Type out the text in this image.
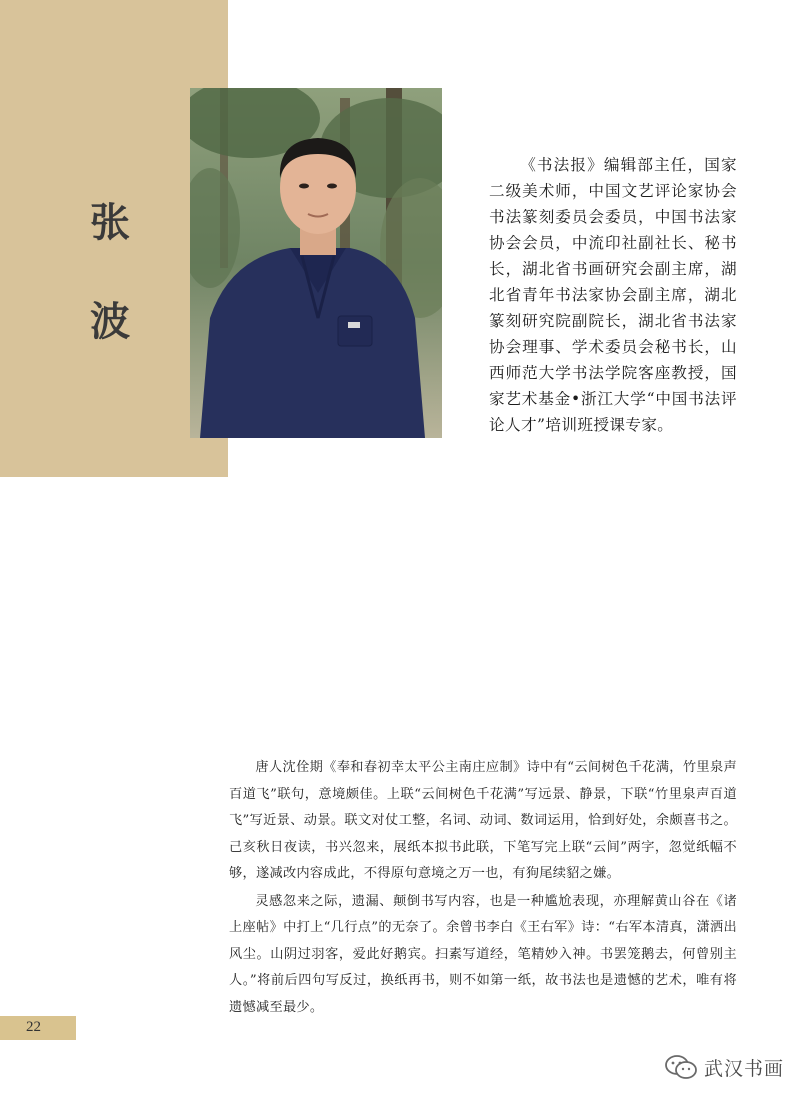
张
波

《书法报》编辑部主任，国家二级美术师，中国文艺评论家协会书法篆刻委员会委员，中国书法家协会会员，中流印社副社长、秘书长，湖北省书画研究会副主席，湖北省青年书法家协会副主席，湖北篆刻研究院副院长，湖北省书法家协会理事、学术委员会秘书长，山西师范大学书法学院客座教授，国家艺术基金•浙江大学“中国书法评论人才”培训班授课专家。

唐人沈佺期《奉和春初幸太平公主南庄应制》诗中有“云间树色千花满，竹里泉声百道飞”联句，意境颇佳。上联“云间树色千花满”写远景、静景，下联“竹里泉声百道飞”写近景、动景。联文对仗工整，名词、动词、数词运用，恰到好处，余颇喜书之。己亥秋日夜读，书兴忽来，展纸本拟书此联，下笔写完上联“云间”两字，忽觉纸幅不够，遂减改内容成此，不得原句意境之万一也，有狗尾续貂之嫌。

灵感忽来之际，遗漏、颠倒书写内容，也是一种尴尬表现，亦理解黄山谷在《诸上座帖》中打上“几行点”的无奈了。余曾书李白《王右军》诗：“右军本清真，潇洒出风尘。山阴过羽客，爱此好鹅宾。扫素写道经，笔精妙入神。书罢笼鹅去，何曾别主人。”将前后四句写反过，换纸再书，则不如第一纸，故书法也是遗憾的艺术，唯有将遗憾减至最少。

22
武汉书画
